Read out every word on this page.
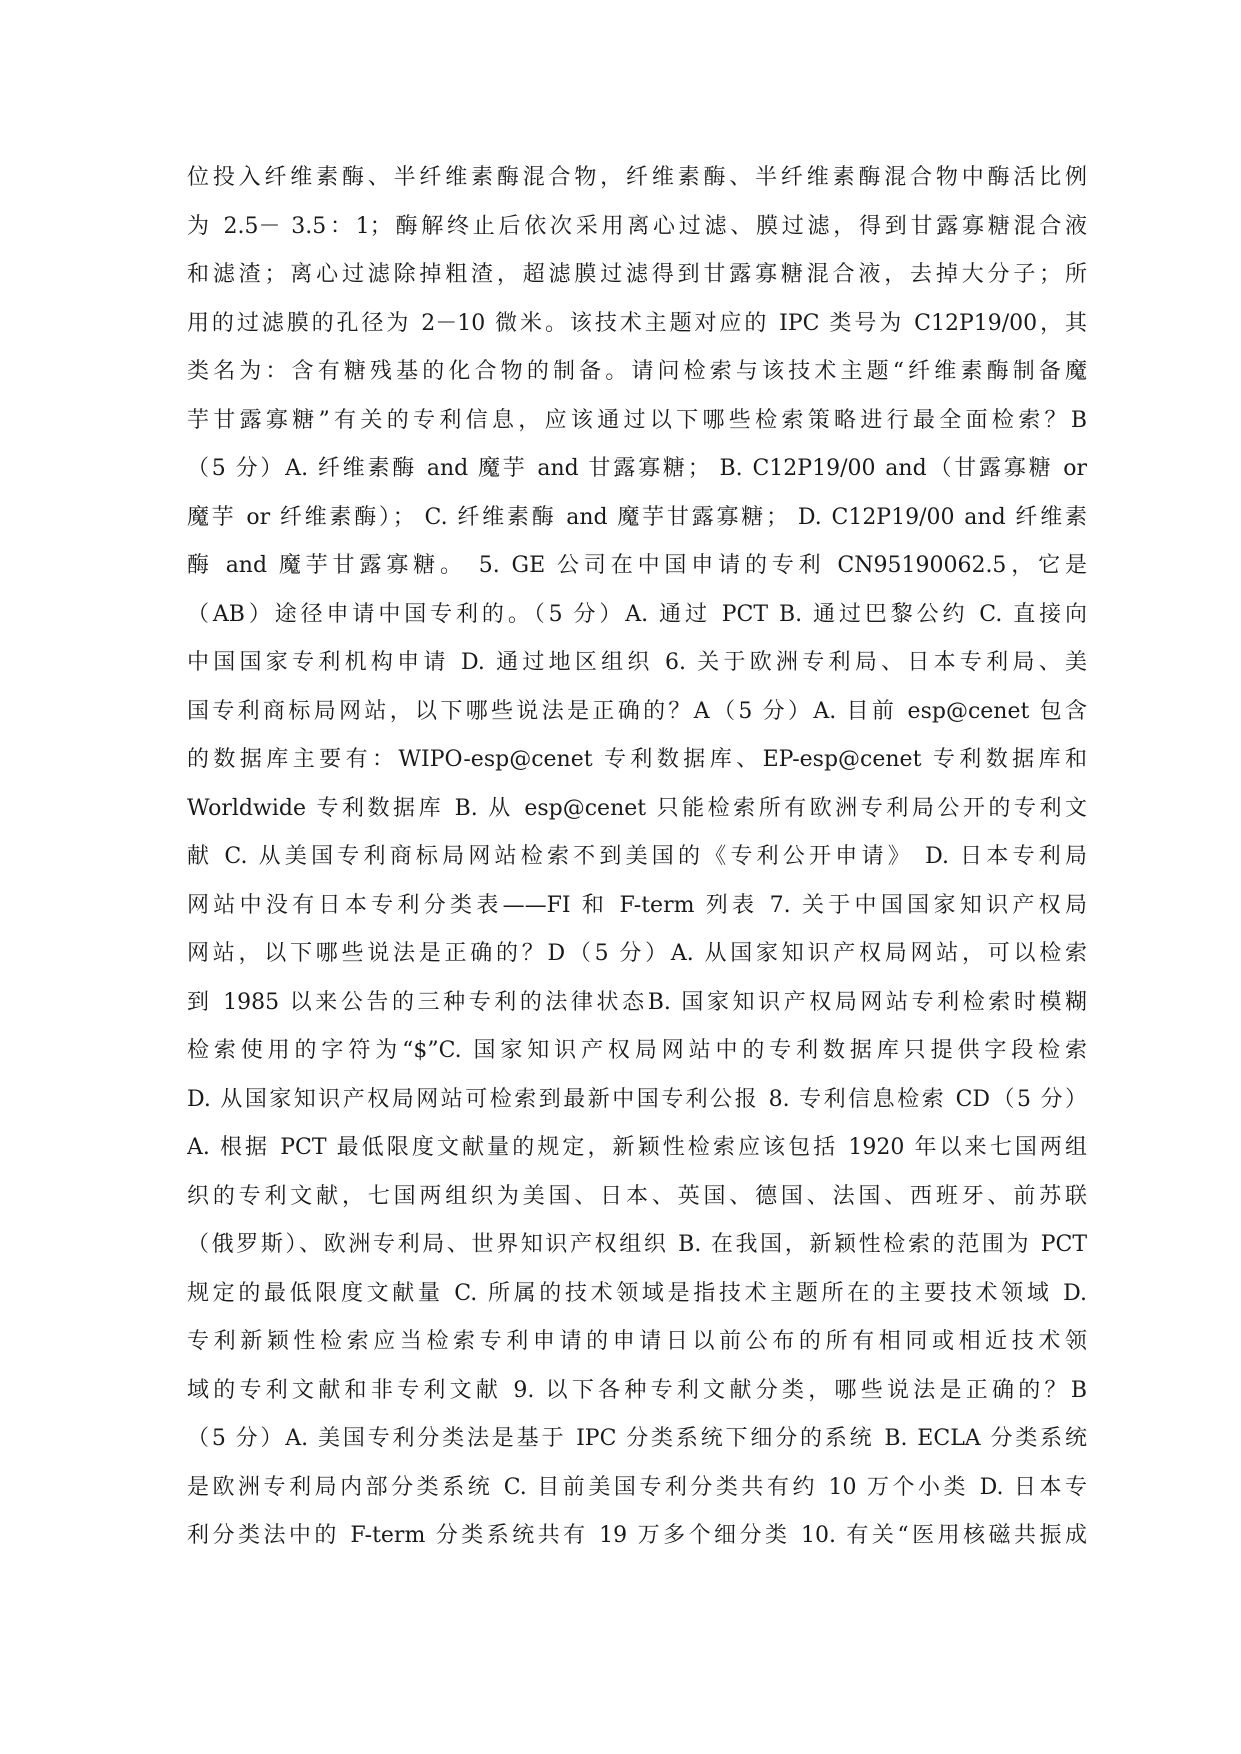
位投入纤维素酶、半纤维素酶混合物，纤维素酶、半纤维素酶混合物中酶活比例
为 2.5－ 3.5：1；酶解终止后依次采用离心过滤、膜过滤，得到甘露寡糖混合液
和滤渣；离心过滤除掉粗渣，超滤膜过滤得到甘露寡糖混合液，去掉大分子；所
用的过滤膜的孔径为 2－10 微米。该技术主题对应的 IPC 类号为 C12P19/00，其
类名为：含有糖残基的化合物的制备。请问检索与该技术主题“纤维素酶制备魔
芋甘露寡糖”有关的专利信息，应该通过以下哪些检索策略进行最全面检索？B
（5 分）A. 纤维素酶 and 魔芋 and 甘露寡糖； B. C12P19/00 and（甘露寡糖 or
魔芋 or 纤维素酶）； C. 纤维素酶 and 魔芋甘露寡糖； D. C12P19/00 and 纤维素
酶 and 魔芋甘露寡糖。 5. GE 公司在中国申请的专利 CN95190062.5，它是
（AB）途径申请中国专利的。（5 分）A. 通过 PCT B. 通过巴黎公约 C. 直接向
中国国家专利机构申请 D. 通过地区组织 6. 关于欧洲专利局、日本专利局、美
国专利商标局网站，以下哪些说法是正确的？A（5 分）A. 目前 esp@cenet 包含
的数据库主要有：WIPO-esp@cenet 专利数据库、EP-esp@cenet 专利数据库和
Worldwide 专利数据库 B. 从 esp@cenet 只能检索所有欧洲专利局公开的专利文
献 C. 从美国专利商标局网站检索不到美国的《专利公开申请》 D. 日本专利局
网站中没有日本专利分类表——FI 和 F-term 列表 7. 关于中国国家知识产权局
网站，以下哪些说法是正确的？D（5 分）A. 从国家知识产权局网站，可以检索
到 1985 以来公告的三种专利的法律状态B. 国家知识产权局网站专利检索时模糊
检索使用的字符为“$”C. 国家知识产权局网站中的专利数据库只提供字段检索
D. 从国家知识产权局网站可检索到最新中国专利公报 8. 专利信息检索 CD（5 分）
A. 根据 PCT 最低限度文献量的规定，新颖性检索应该包括 1920 年以来七国两组
织的专利文献，七国两组织为美国、日本、英国、德国、法国、西班牙、前苏联
（俄罗斯）、欧洲专利局、世界知识产权组织 B. 在我国，新颖性检索的范围为 PCT
规定的最低限度文献量 C. 所属的技术领域是指技术主题所在的主要技术领域 D.
专利新颖性检索应当检索专利申请的申请日以前公布的所有相同或相近技术领
域的专利文献和非专利文献 9. 以下各种专利文献分类，哪些说法是正确的？B
（5 分）A. 美国专利分类法是基于 IPC 分类系统下细分的系统 B. ECLA 分类系统
是欧洲专利局内部分类系统 C. 目前美国专利分类共有约 10 万个小类 D. 日本专
利分类法中的 F-term 分类系统共有 19 万多个细分类 10. 有关“医用核磁共振成
